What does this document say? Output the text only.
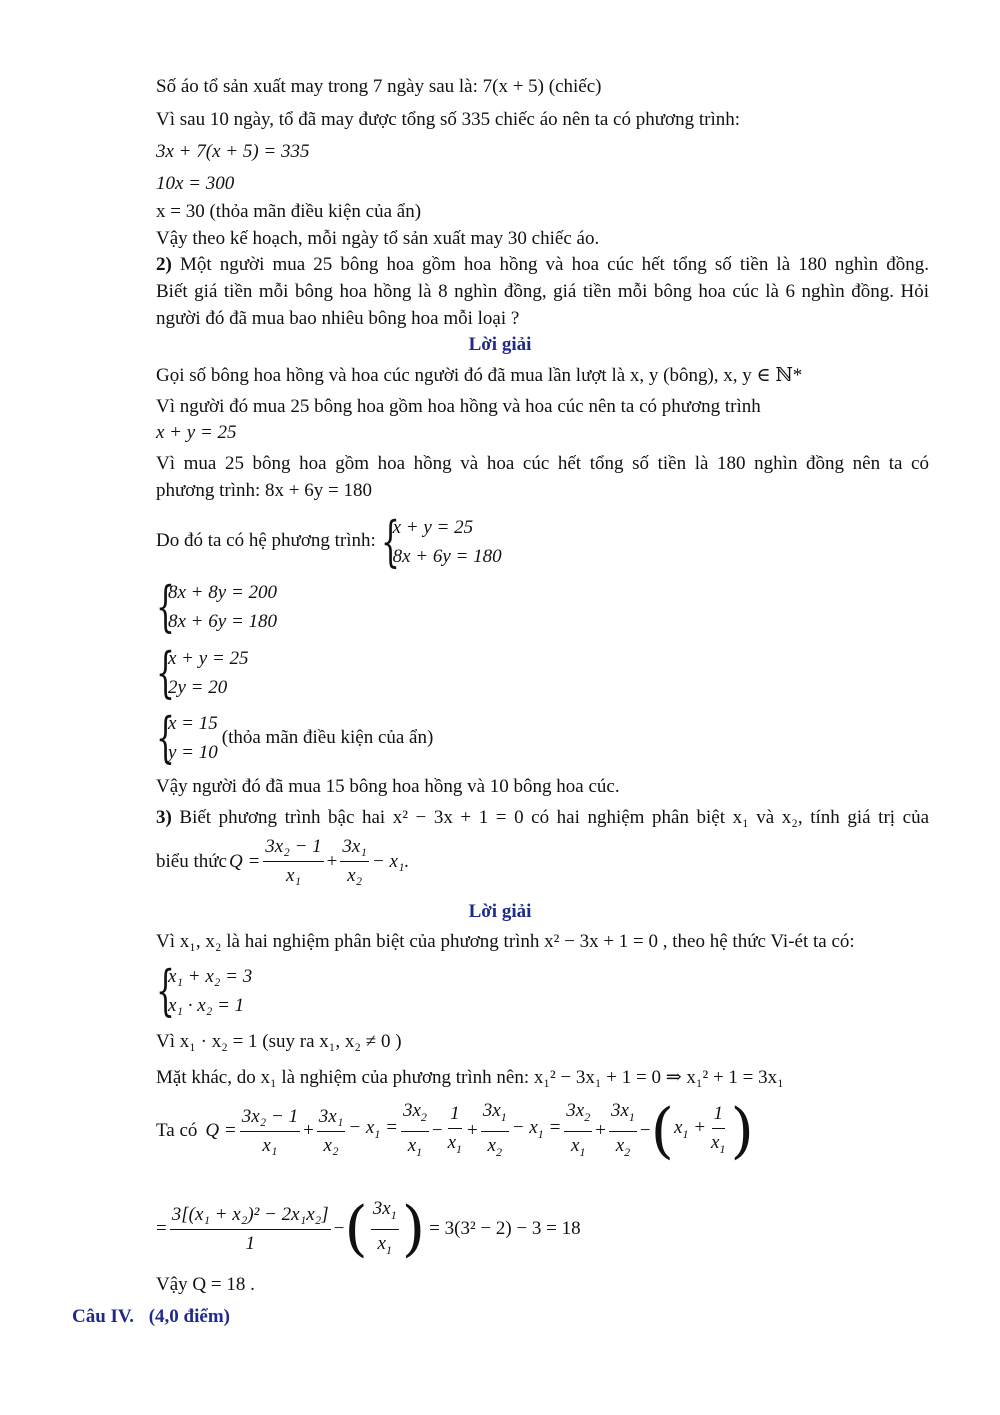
Số áo tổ sản xuất may trong 7 ngày sau là: 7(x + 5) (chiếc)
Vì sau 10 ngày, tổ đã may được tổng số 335 chiếc áo nên ta có phương trình:
3x + 7(x + 5) = 335
10x = 300
x = 30 (thỏa mãn điều kiện của ẩn)
Vậy theo kế hoạch, mỗi ngày tổ sản xuất may 30 chiếc áo.
2) Một người mua 25 bông hoa gồm hoa hồng và hoa cúc hết tổng số tiền là 180 nghìn đồng.
Biết giá tiền mỗi bông hoa hồng là 8 nghìn đồng, giá tiền mỗi bông hoa cúc là 6 nghìn đồng. Hỏi
người đó đã mua bao nhiêu bông hoa mỗi loại ?
Lời giải
Gọi số bông hoa hồng và hoa cúc người đó đã mua lần lượt là x, y (bông), x, y ∈ ℕ*
Vì người đó mua 25 bông hoa gồm hoa hồng và hoa cúc nên ta có phương trình
x + y = 25
Vì mua 25 bông hoa gồm hoa hồng và hoa cúc hết tổng số tiền là 180 nghìn đồng nên ta có
phương trình: 8x + 6y = 180
Do đó ta có hệ phương trình: {
x + y = 25
8x + 6y = 180
{
8x + 8y = 200
8x + 6y = 180
{
x + y = 25
2y = 20
{
x = 15
y = 10
(thỏa mãn điều kiện của ẩn)
Vậy người đó đã mua 15 bông hoa hồng và 10 bông hoa cúc.
3) Biết phương trình bậc hai x² − 3x + 1 = 0 có hai nghiệm phân biệt x₁ và x₂, tính giá trị của
biểu thức $Q = \frac{\text{3x₂ − 1}}{\text{x₁}} + \frac{\text{3x₁}}{\text{x₂}} - x_1$.
Lời giải
Vì x₁, x₂ là hai nghiệm phân biệt của phương trình x² − 3x + 1 = 0 , theo hệ thức Vi-ét ta có:
{
x₁ + x₂ = 3
x₁ · x₂ = 1
Vì x₁ · x₂ = 1 (suy ra x₁, x₂ ≠ 0 )
Mặt khác, do x₁ là nghiệm của phương trình nên: x₁² − 3x₁ + 1 = 0 ⇒ x₁² + 1 = 3x₁
Ta có $Q = \frac{\text{3x₂ − 1}}{\text{x₁}} + \frac{\text{3x₁}}{\text{x₂}} - x_1 = \frac{3x_2}{x_1} - \frac{1}{x_1} + \frac{3x_1}{x_2} - x_1 = \frac{3x_2}{x_1} + \frac{3x_1}{x_2}$ − ( $x_1 + \frac{1}{x_1}$ )
= $\frac{\text{3[(x₁ + x₂)² − 2x₁x₂]}}{1}$ − ( $\frac{3x_1}{x_1}$ ) = 3(3² − 2) − 3 = 18
Vậy Q = 18 .
Câu IV. (4,0 điểm)
